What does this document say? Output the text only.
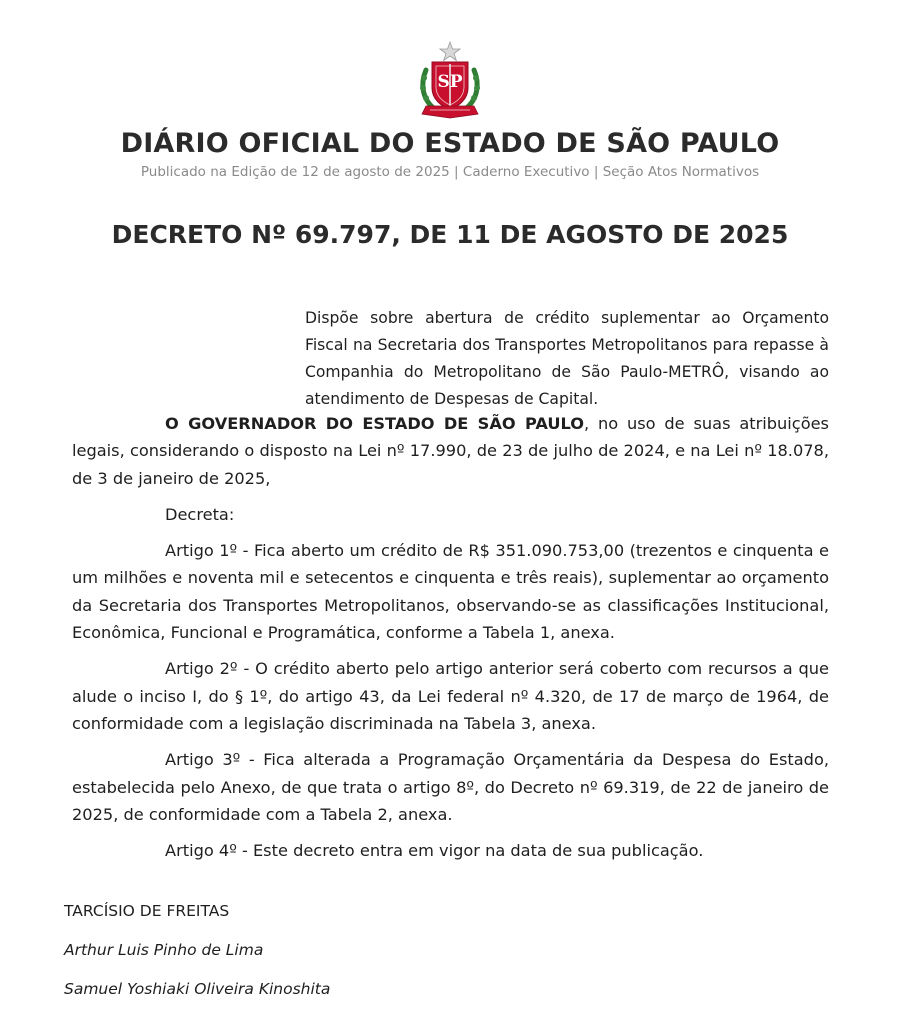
SP
DIÁRIO OFICIAL DO ESTADO DE SÃO PAULO
Publicado na Edição de 12 de agosto de 2025 | Caderno Executivo | Seção Atos Normativos
DECRETO Nº 69.797, DE 11 DE AGOSTO DE 2025
Dispõe sobre abertura de crédito suplementar ao Orçamento Fiscal na Secretaria dos Transportes Metropolitanos para repasse à Companhia do Metropolitano de São Paulo-METRÔ, visando ao atendimento de Despesas de Capital.

O GOVERNADOR DO ESTADO DE SÃO PAULO, no uso de suas atribuições legais, considerando o disposto na Lei nº 17.990, de 23 de julho de 2024, e na Lei nº 18.078, de 3 de janeiro de 2025,

Decreta:

Artigo 1º - Fica aberto um crédito de R$ 351.090.753,00 (trezentos e cinquenta e um milhões e noventa mil e setecentos e cinquenta e três reais), suplementar ao orçamento da Secretaria dos Transportes Metropolitanos, observando-se as classificações Institucional, Econômica, Funcional e Programática, conforme a Tabela 1, anexa.

Artigo 2º - O crédito aberto pelo artigo anterior será coberto com recursos a que alude o inciso I, do § 1º, do artigo 43, da Lei federal nº 4.320, de 17 de março de 1964, de conformidade com a legislação discriminada na Tabela 3, anexa.

Artigo 3º - Fica alterada a Programação Orçamentária da Despesa do Estado, estabelecida pelo Anexo, de que trata o artigo 8º, do Decreto nº 69.319, de 22 de janeiro de 2025, de conformidade com a Tabela 2, anexa.

Artigo 4º - Este decreto entra em vigor na data de sua publicação.

TARCÍSIO DE FREITAS
Arthur Luis Pinho de Lima
Samuel Yoshiaki Oliveira Kinoshita
